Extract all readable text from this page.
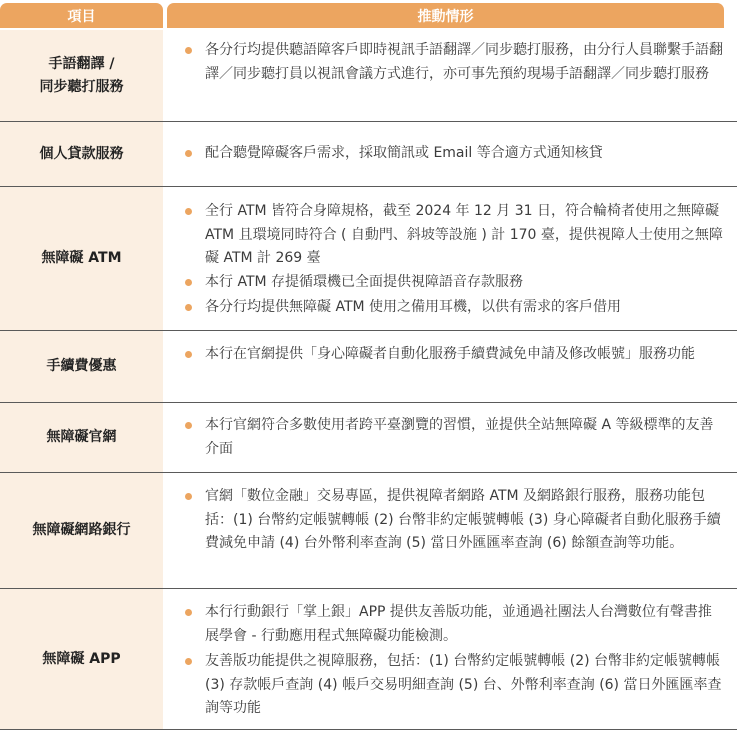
項目	推動情形
手語翻譯 /
同步聽打服務
各分行均提供聽語障客戶即時視訊手語翻譯／同步聽打服務，由分行人員聯繫手語翻譯／同步聽打員以視訊會議方式進行，亦可事先預約現場手語翻譯／同步聽打服務
個人貸款服務	配合聽覺障礙客戶需求，採取簡訊或 Email 等合適方式通知核貸
無障礙 ATM
全行 ATM 皆符合身障規格，截至 2024 年 12 月 31 日，符合輪椅者使用之無障礙 ATM 且環境同時符合 ( 自動門、斜坡等設施 ) 計 170 臺，提供視障人士使用之無障礙 ATM 計 269 臺
本行 ATM 存提循環機已全面提供視障語音存款服務
各分行均提供無障礙 ATM 使用之備用耳機，以供有需求的客戶借用
手續費優惠
本行在官網提供「身心障礙者自動化服務手續費減免申請及修改帳號」服務功能
無障礙官網
本行官網符合多數使用者跨平臺瀏覽的習慣，並提供全站無障礙 A 等級標準的友善介面
無障礙網路銀行
官網「數位金融」交易專區，提供視障者網路 ATM 及網路銀行服務，服務功能包括：(1) 台幣約定帳號轉帳 (2) 台幣非約定帳號轉帳 (3) 身心障礙者自動化服務手續費減免申請 (4) 台外幣利率查詢 (5) 當日外匯匯率查詢 (6) 餘額查詢等功能。
無障礙 APP
本行行動銀行「掌上銀」APP 提供友善版功能，並通過社團法人台灣數位有聲書推展學會 - 行動應用程式無障礙功能檢測。
友善版功能提供之視障服務，包括：(1) 台幣約定帳號轉帳 (2) 台幣非約定帳號轉帳 (3) 存款帳戶查詢 (4) 帳戶交易明細查詢 (5) 台、外幣利率查詢 (6) 當日外匯匯率查詢等功能
